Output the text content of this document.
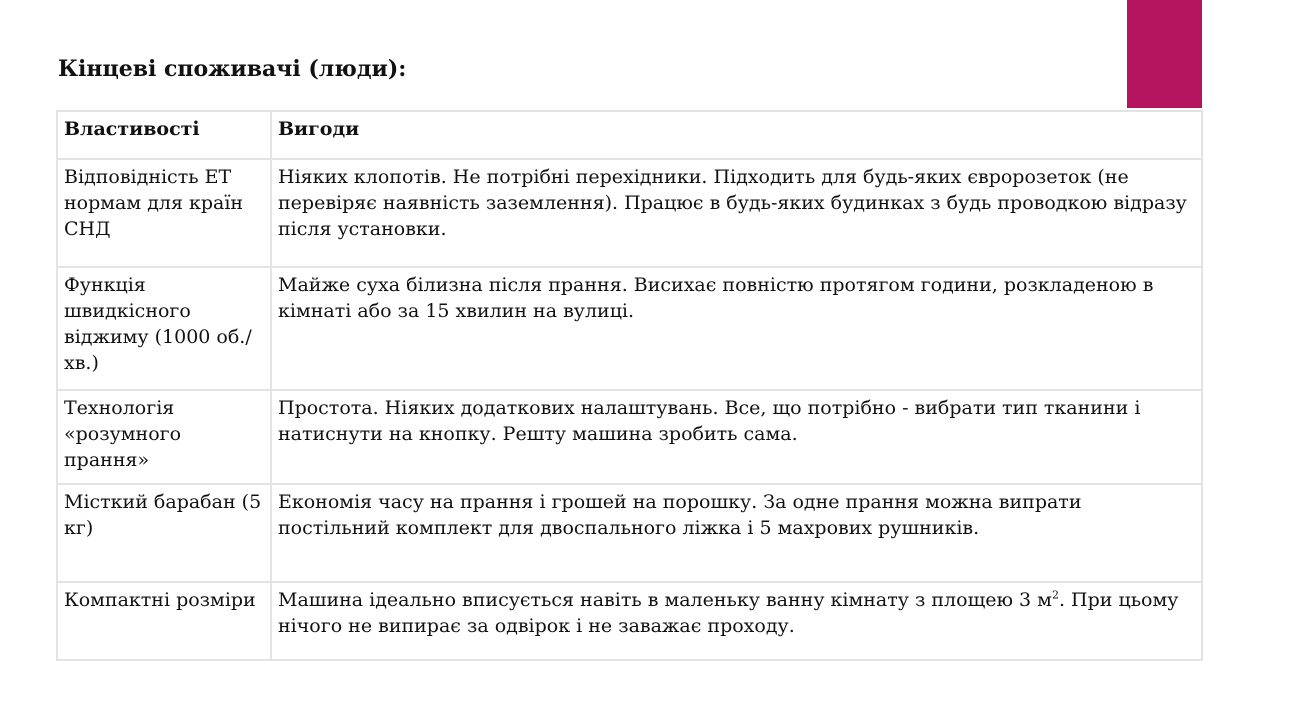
Кінцеві споживачі (люди):
Властивості	Вигоди
Відповідність ЕТ нормам для країн СНД	Ніяких клопотів. Не потрібні перехідники. Підходить для будь-яких євророзеток (не перевіряє наявність заземлення). Працює в будь-яких будинках з будь проводкою відразу після установки.
Функція швидкісного віджиму (1000 об./хв.)	Майже суха білизна після прання. Висихає повністю протягом години, розкладеною в кімнаті або за 15 хвилин на вулиці.
Технологія «розумного прання»	Простота. Ніяких додаткових налаштувань. Все, що потрібно - вибрати тип тканини і натиснути на кнопку. Решту машина зробить сама.
Місткий барабан (5 кг)	Економія часу на прання і грошей на порошку. За одне прання можна випрати постільний комплект для двоспального ліжка і 5 махрових рушників.
Компактні розміри	Машина ідеально вписується навіть в маленьку ванну кімнату з площею 3 $м^2$. При цьому нічого не випирає за одвірок і не заважає проходу.
